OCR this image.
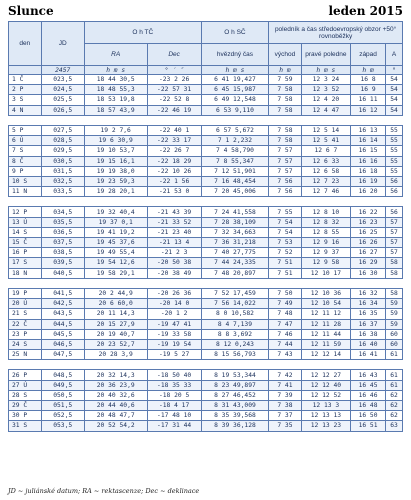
Slunce	leden 2015
den	JD	O h TČ		O h SČ	poledník a čas středoevropský obzor +50° rovnoběžky			
		RA	Dec	hvězdný čas	východ	pravé poledne	západ	A
	2457	h m s	° ′ ″	h m s	h m	h m s	h m	°
1 Č	023,5	18 44 30,5	-23 2 26	6 41 19,427	7 59	12 3 24	16 8	54
2 P	024,5	18 48 55,3	-22 57 31	6 45 15,987	7 58	12 3 52	16 9	54
3 S	025,5	18 53 19,8	-22 52 8	6 49 12,548	7 58	12 4 20	16 11	54
4 N	026,5	18 57 43,9	-22 46 19	6 53 9,110	7 58	12 4 47	16 12	54

5 P	027,5	19 2 7,6	-22 40 1	6 57 5,672	7 58	12 5 14	16 13	55
6 Ú	028,5	19 6 30,9	-22 33 17	7 1 2,232	7 58	12 5 41	16 14	55
7 S	029,5	19 10 53,7	-22 26 7	7 4 58,790	7 57	12 6 7	16 15	55
8 Č	030,5	19 15 16,1	-22 18 29	7 8 55,347	7 57	12 6 33	16 16	55
9 P	031,5	19 19 38,0	-22 10 26	7 12 51,901	7 57	12 6 58	16 18	55
10 S	032,5	19 23 59,3	-22 1 56	7 16 48,454	7 56	12 7 23	16 19	56
11 N	033,5	19 28 20,1	-21 53 0	7 20 45,006	7 56	12 7 46	16 20	56

12 P	034,5	19 32 40,4	-21 43 39	7 24 41,558	7 55	12 8 10	16 22	56
13 Ú	035,5	19 37 0,1	-21 33 52	7 28 38,109	7 54	12 8 32	16 23	57
14 S	036,5	19 41 19,2	-21 23 40	7 32 34,663	7 54	12 8 55	16 25	57
15 Č	037,5	19 45 37,6	-21 13 4	7 36 31,218	7 53	12 9 16	16 26	57
16 P	038,5	19 49 55,4	-21 2 3	7 40 27,775	7 52	12 9 37	16 27	57
17 S	039,5	19 54 12,6	-20 50 38	7 44 24,335	7 51	12 9 58	16 29	58
18 N	040,5	19 58 29,1	-20 38 49	7 48 20,897	7 51	12 10 17	16 30	58

19 P	041,5	20 2 44,9	-20 26 36	7 52 17,459	7 50	12 10 36	16 32	58
20 Ú	042,5	20 6 60,0	-20 14 0	7 56 14,022	7 49	12 10 54	16 34	59
21 S	043,5	20 11 14,3	-20 1 2	8 0 10,582	7 48	12 11 12	16 35	59
22 Č	044,5	20 15 27,9	-19 47 41	8 4 7,139	7 47	12 11 28	16 37	59
23 P	045,5	20 19 40,7	-19 33 58	8 8 3,692	7 46	12 11 44	16 38	60
24 S	046,5	20 23 52,7	-19 19 54	8 12 0,243	7 44	12 11 59	16 40	60
25 N	047,5	20 28 3,9	-19 5 27	8 15 56,793	7 43	12 12 14	16 41	61

26 P	048,5	20 32 14,3	-18 50 40	8 19 53,344	7 42	12 12 27	16 43	61
27 Ú	049,5	20 36 23,9	-18 35 33	8 23 49,897	7 41	12 12 40	16 45	61
28 S	050,5	20 40 32,6	-18 20 5	8 27 46,452	7 39	12 12 52	16 46	62
29 Č	051,5	20 44 40,6	-18 4 17	8 31 43,009	7 38	12 13 3	16 48	62
30 P	052,5	20 48 47,7	-17 48 10	8 35 39,568	7 37	12 13 13	16 50	62
31 S	053,5	20 52 54,2	-17 31 44	8 39 36,128	7 35	12 13 23	16 51	63
JD ~ juliánské datum; RA ~ rektascenze; Dec ~ deklinace
